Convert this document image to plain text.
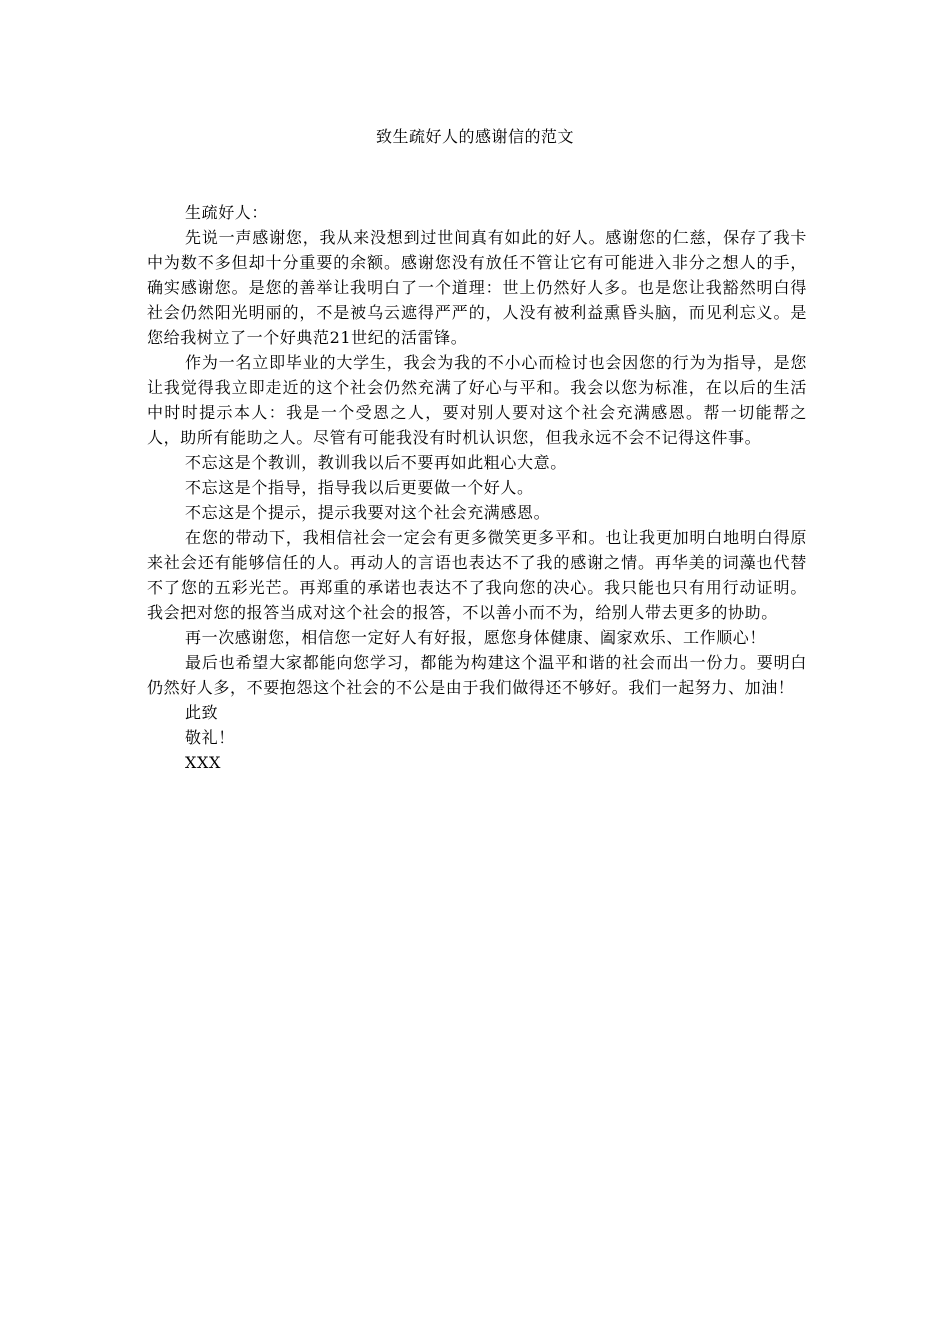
致生疏好人的感谢信的范文

生疏好人：

先说一声感谢您，我从来没想到过世间真有如此的好人。感谢您的仁慈，保存了我卡中为数不多但却十分重要的余额。感谢您没有放任不管让它有可能进入非分之想人的手，确实感谢您。是您的善举让我明白了一个道理：世上仍然好人多。也是您让我豁然明白得社会仍然阳光明丽的，不是被乌云遮得严严的，人没有被利益熏昏头脑，而见利忘义。是您给我树立了一个好典范21世纪的活雷锋。

作为一名立即毕业的大学生，我会为我的不小心而检讨也会因您的行为为指导，是您让我觉得我立即走近的这个社会仍然充满了好心与平和。我会以您为标准，在以后的生活中时时提示本人：我是一个受恩之人，要对别人要对这个社会充满感恩。帮一切能帮之人，助所有能助之人。尽管有可能我没有时机认识您，但我永远不会不记得这件事。

不忘这是个教训，教训我以后不要再如此粗心大意。

不忘这是个指导，指导我以后更要做一个好人。

不忘这是个提示，提示我要对这个社会充满感恩。

在您的带动下，我相信社会一定会有更多微笑更多平和。也让我更加明白地明白得原来社会还有能够信任的人。再动人的言语也表达不了我的感谢之情。再华美的词藻也代替不了您的五彩光芒。再郑重的承诺也表达不了我向您的决心。我只能也只有用行动证明。我会把对您的报答当成对这个社会的报答，不以善小而不为，给别人带去更多的协助。

再一次感谢您，相信您一定好人有好报，愿您身体健康、阖家欢乐、工作顺心！

最后也希望大家都能向您学习，都能为构建这个温平和谐的社会而出一份力。要明白仍然好人多，不要抱怨这个社会的不公是由于我们做得还不够好。我们一起努力、加油！

此致

敬礼！

XXX
